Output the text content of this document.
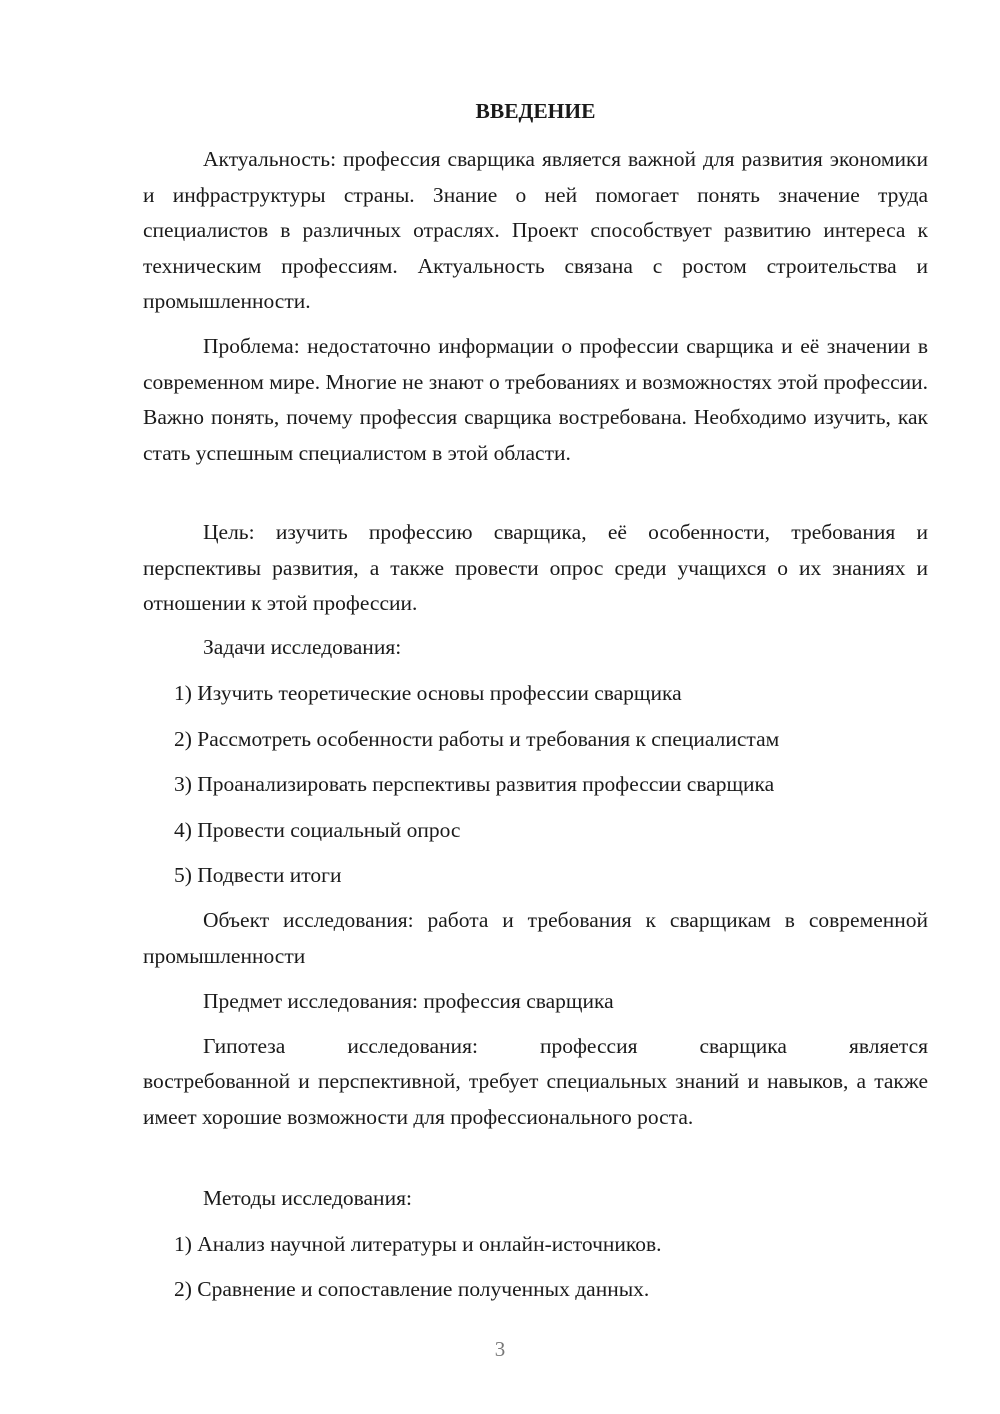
ВВЕДЕНИЕ

Актуальность: профессия сварщика является важной для развития экономики и инфраструктуры страны. Знание о ней помогает понять значение труда специалистов в различных отраслях. Проект способствует развитию интереса к техническим профессиям. Актуальность связана с ростом строительства и промышленности.

Проблема: недостаточно информации о профессии сварщика и её значении в современном мире. Многие не знают о требованиях и возможностях этой профессии. Важно понять, почему профессия сварщика востребована. Необходимо изучить, как стать успешным специалистом в этой области.

Цель: изучить профессию сварщика, её особенности, требования и перспективы развития, а также провести опрос среди учащихся о их знаниях и отношении к этой профессии.

Задачи исследования:

1) Изучить теоретические основы профессии сварщика

2) Рассмотреть особенности работы и требования к специалистам

3) Проанализировать перспективы развития профессии сварщика

4) Провести социальный опрос

5) Подвести итоги

Объект исследования: работа и требования к сварщикам в современной промышленности

Предмет исследования: профессия сварщика

Гипотеза исследования: профессия сварщика является

востребованной и перспективной, требует специальных знаний и навыков, а также имеет хорошие возможности для профессионального роста.

Методы исследования:

1) Анализ научной литературы и онлайн-источников.

2) Сравнение и сопоставление полученных данных.

3
